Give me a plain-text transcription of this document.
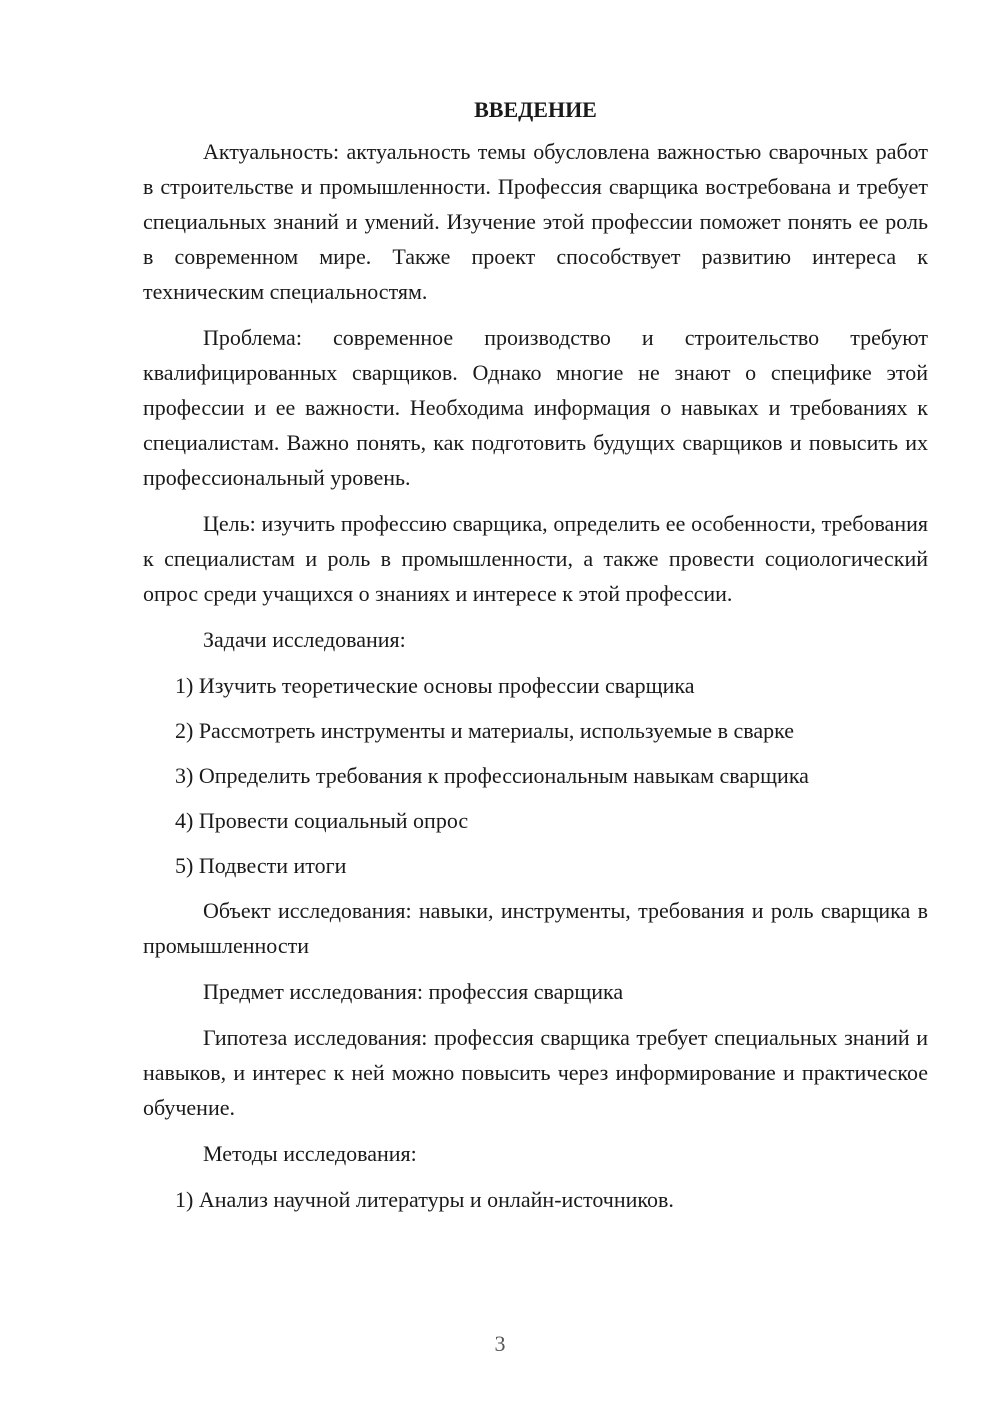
ВВЕДЕНИЕ

Актуальность: актуальность темы обусловлена важностью сварочных работ в строительстве и промышленности. Профессия сварщика востребована и требует специальных знаний и умений. Изучение этой профессии поможет понять ее роль в современном мире. Также проект способствует развитию интереса к техническим специальностям.

Проблема: современное производство и строительство требуют квалифицированных сварщиков. Однако многие не знают о специфике этой профессии и ее важности. Необходима информация о навыках и требованиях к специалистам. Важно понять, как подготовить будущих сварщиков и повысить их профессиональный уровень.

Цель: изучить профессию сварщика, определить ее особенности, требования к специалистам и роль в промышленности, а также провести социологический опрос среди учащихся о знаниях и интересе к этой профессии.

Задачи исследования:

1) Изучить теоретические основы профессии сварщика
2) Рассмотреть инструменты и материалы, используемые в сварке
3) Определить требования к профессиональным навыкам сварщика
4) Провести социальный опрос
5) Подвести итоги

Объект исследования: навыки, инструменты, требования и роль сварщика в промышленности

Предмет исследования: профессия сварщика

Гипотеза исследования: профессия сварщика требует специальных знаний и навыков, и интерес к ней можно повысить через информирование и практическое обучение.

Методы исследования:

1) Анализ научной литературы и онлайн-источников.
3
